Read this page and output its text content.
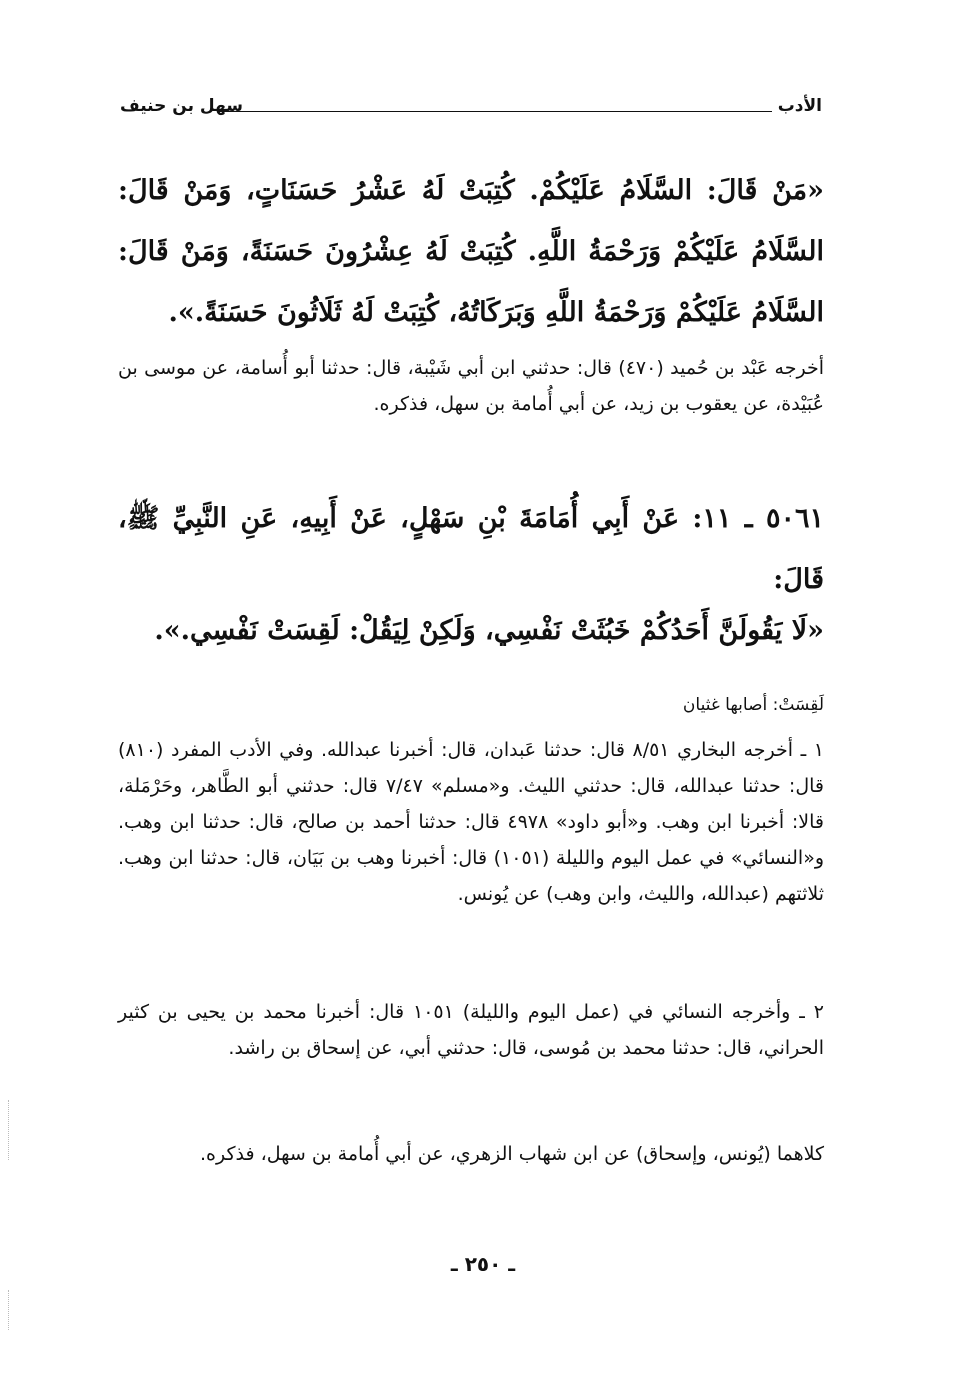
الأدب
سهل بن حنيف
«مَنْ قَالَ: السَّلَامُ عَلَيْكُمْ. كُتِبَتْ لَهُ عَشْرُ حَسَنَاتٍ، وَمَنْ قَالَ: السَّلَامُ عَلَيْكُمْ وَرَحْمَةُ اللَّهِ. كُتِبَتْ لَهُ عِشْرُونَ حَسَنَةً، وَمَنْ قَالَ: السَّلَامُ عَلَيْكُمْ وَرَحْمَةُ اللَّهِ وَبَرَكَاتُهُ، كُتِبَتْ لَهُ ثَلَاثُونَ حَسَنَةً.».
أخرجه عَبْد بن حُميد (٤٧٠) قال: حدثني ابن أبي شَيْبة، قال: حدثنا أبو أُسامة، عن موسى بن عُبَيْدة، عن يعقوب بن زيد، عن أبي أُمامة بن سهل، فذكره.
٥٠٦١ ـ ١١: عَنْ أَبِي أُمَامَةَ بْنِ سَهْلٍ، عَنْ أَبِيهِ، عَنِ النَّبِيِّ ﷺ، قَالَ:
«لَا يَقُولَنَّ أَحَدُكُمْ خَبُثَتْ نَفْسِي، وَلَكِنْ لِيَقُلْ: لَقِسَتْ نَفْسِي.».
لَقِسَتْ: أصابها غثيان
١ ـ أخرجه البخاري ٨/٥١ قال: حدثنا عَبدان، قال: أخبرنا عبدالله. وفي الأدب المفرد (٨١٠) قال: حدثنا عبدالله، قال: حدثني الليث. و«مسلم» ٧/٤٧ قال: حدثني أبو الطَّاهر، وحَرْمَلة، قالا: أخبرنا ابن وهب. و«أبو داود» ٤٩٧٨ قال: حدثنا أحمد بن صالح، قال: حدثنا ابن وهب. و«النسائي» في عمل اليوم والليلة (١٠٥١) قال: أخبرنا وهب بن بَيَان، قال: حدثنا ابن وهب. ثلاثتهم (عبدالله، والليث، وابن وهب) عن يُونس.
٢ ـ وأخرجه النسائي في (عمل اليوم والليلة) ١٠٥١ قال: أخبرنا محمد بن يحيى بن كثير الحراني، قال: حدثنا محمد بن مُوسى، قال: حدثني أبي، عن إسحاق بن راشد.
كلاهما (يُونس، وإسحاق) عن ابن شهاب الزهري، عن أبي أُمامة بن سهل، فذكره.
ـ ٢٥٠ ـ
